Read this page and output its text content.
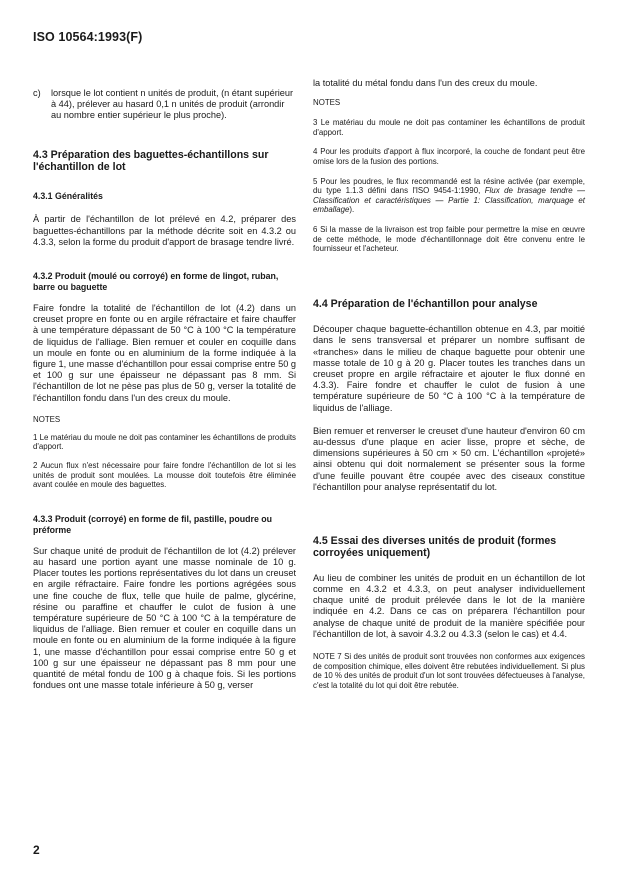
ISO 10564:1993(F)
c)	lorsque le lot contient n unités de produit, (n étant supérieur à 44), prélever au hasard 0,1 n unités de produit (arrondir au nombre entier supérieur le plus proche).

4.3 Préparation des baguettes-échantillons sur l'échantillon de lot
4.3.1 Généralités

À partir de l'échantillon de lot prélevé en 4.2, préparer des baguettes-échantillons par la méthode décrite soit en 4.3.2 ou 4.3.3, selon la forme du produit d'apport de brasage tendre livré.

4.3.2 Produit (moulé ou corroyé) en forme de lingot, ruban, barre ou baguette

Faire fondre la totalité de l'échantillon de lot (4.2) dans un creuset propre en fonte ou en argile réfractaire et faire chauffer à une température dépassant de 50 °C à 100 °C la température de liquidus de l'alliage. Bien remuer et couler en coquille dans un moule en fonte ou en aluminium de la forme indiquée à la figure 1, une masse d'échantillon pour essai comprise entre 50 g et 100 g sur une épaisseur ne dépassant pas 8 mm. Si l'échantillon de lot ne pèse pas plus de 50 g, verser la totalité de l'échantillon fondu dans l'un des creux du moule.

NOTES

1 Le matériau du moule ne doit pas contaminer les échantillons de produits d'apport.

2 Aucun flux n'est nécessaire pour faire fondre l'échantillon de lot si les unités de produit sont moulées. La mousse doit toutefois être éliminée avant coulée en moule des baguettes.

4.3.3 Produit (corroyé) en forme de fil, pastille, poudre ou préforme

Sur chaque unité de produit de l'échantillon de lot (4.2) prélever au hasard une portion ayant une masse nominale de 10 g. Placer toutes les portions représentatives du lot dans un creuset en argile réfractaire. Faire fondre les portions agrégées sous une fine couche de flux, telle que huile de palme, glycérine, résine ou paraffine et chauffer le culot de fusion à une température supérieure de 50 °C à 100 °C à la température de liquidus de l'alliage. Bien remuer et couler en coquille dans un moule en fonte ou en aluminium de la forme indiquée à la figure 1, une masse d'échantillon pour essai comprise entre 50 g et 100 g sur une épaisseur ne dépassant pas 8 mm pour une quantité de métal fondu de 100 g à chaque fois. Si les portions fondues ont une masse totale inférieure à 50 g, verser

la totalité du métal fondu dans l'un des creux du moule.

NOTES

3 Le matériau du moule ne doit pas contaminer les échantillons de produit d'apport.

4 Pour les produits d'apport à flux incorporé, la couche de fondant peut être omise lors de la fusion des portions.

5 Pour les poudres, le flux recommandé est la résine activée (par exemple, du type 1.1.3 défini dans l'ISO 9454-1:1990, Flux de brasage tendre — Classification et caractéristiques — Partie 1: Classification, marquage et emballage).

6 Si la masse de la livraison est trop faible pour permettre la mise en œuvre de cette méthode, le mode d'échantillonnage doit être convenu entre le fournisseur et l'acheteur.

4.4 Préparation de l'échantillon pour analyse

Découper chaque baguette-échantillon obtenue en 4.3, par moitié dans le sens transversal et préparer un nombre suffisant de «tranches» dans le milieu de chaque baguette pour obtenir une masse totale de 10 g à 20 g. Placer toutes les tranches dans un creuset propre en argile réfractaire et ajouter le flux donné en 4.3.3). Faire fondre et chauffer le culot de fusion à une température supérieure de 50 °C à 100 °C à la température de liquidus de l'alliage.

Bien remuer et renverser le creuset d'une hauteur d'environ 60 cm au-dessus d'une plaque en acier lisse, propre et sèche, de dimensions supérieures à 50 cm × 50 cm. L'échantillon «projeté» ainsi obtenu qui doit normalement se présenter sous la forme d'une feuille pouvant être coupée avec des ciseaux constitue l'échantillon pour analyse représentatif du lot.

4.5 Essai des diverses unités de produit (formes corroyées uniquement)

Au lieu de combiner les unités de produit en un échantillon de lot comme en 4.3.2 et 4.3.3, on peut analyser individuellement chaque unité de produit prélevée dans le lot de la manière indiquée en 4.2. Dans ce cas on préparera l'échantillon pour analyse de chaque unité de produit de la manière spécifiée pour l'échantillon de lot, à savoir 4.3.2 ou 4.3.3 (selon le cas) et 4.4.

NOTE 7 Si des unités de produit sont trouvées non conformes aux exigences de composition chimique, elles doivent être rebutées individuellement. Si plus de 10 % des unités de produit d'un lot sont trouvées défectueuses à l'analyse, c'est la totalité du lot qui doit être rebutée.

2
